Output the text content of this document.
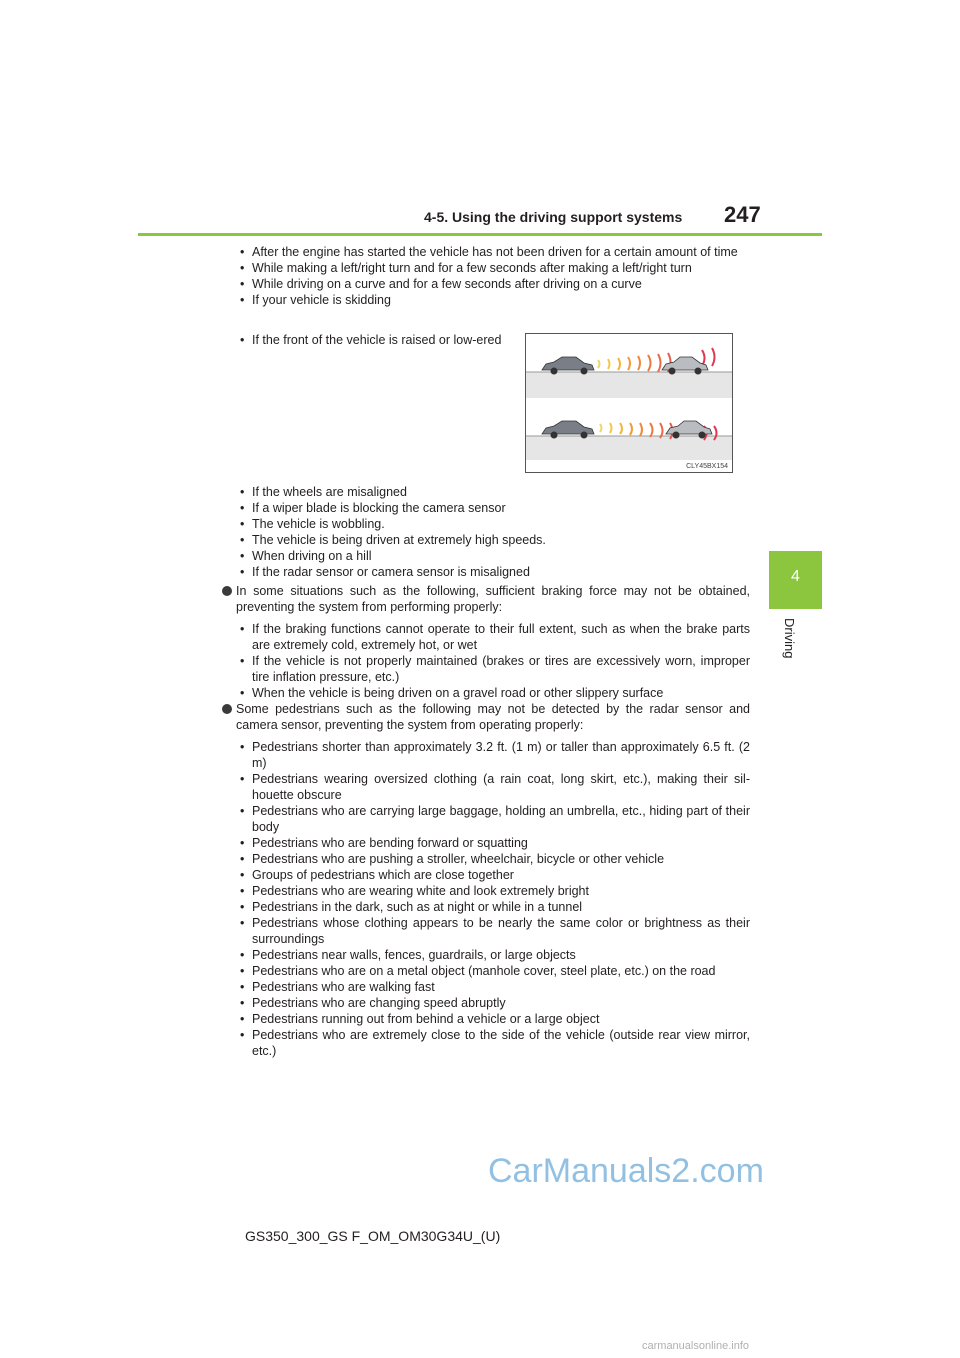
4-5. Using the driving support systems 247
4
Driving
• After the engine has started the vehicle has not been driven for a certain amount of time
• While making a left/right turn and for a few seconds after making a left/right turn
• While driving on a curve and for a few seconds after driving on a curve
• If your vehicle is skidding
• If the front of the vehicle is raised or low-ered
CLY45BX154
• If the wheels are misaligned
• If a wiper blade is blocking the camera sensor
• The vehicle is wobbling.
• The vehicle is being driven at extremely high speeds.
• When driving on a hill
• If the radar sensor or camera sensor is misaligned

In some situations such as the following, sufficient braking force may not be obtained, preventing the system from performing properly:

• If the braking functions cannot operate to their full extent, such as when the brake parts are extremely cold, extremely hot, or wet
• If the vehicle is not properly maintained (brakes or tires are excessively worn, improper tire inflation pressure, etc.)
• When the vehicle is being driven on a gravel road or other slippery surface

Some pedestrians such as the following may not be detected by the radar sensor and camera sensor, preventing the system from operating properly:

• Pedestrians shorter than approximately 3.2 ft. (1 m) or taller than approximately 6.5 ft. (2 m)
• Pedestrians wearing oversized clothing (a rain coat, long skirt, etc.), making their sil-houette obscure
• Pedestrians who are carrying large baggage, holding an umbrella, etc., hiding part of their body
• Pedestrians who are bending forward or squatting
• Pedestrians who are pushing a stroller, wheelchair, bicycle or other vehicle
• Groups of pedestrians which are close together
• Pedestrians who are wearing white and look extremely bright
• Pedestrians in the dark, such as at night or while in a tunnel
• Pedestrians whose clothing appears to be nearly the same color or brightness as their surroundings
• Pedestrians near walls, fences, guardrails, or large objects
• Pedestrians who are on a metal object (manhole cover, steel plate, etc.) on the road
• Pedestrians who are walking fast
• Pedestrians who are changing speed abruptly
• Pedestrians running out from behind a vehicle or a large object
• Pedestrians who are extremely close to the side of the vehicle (outside rear view mirror, etc.)
CarManuals2.com
GS350_300_GS F_OM_OM30G34U_(U)
carmanualsonline.info
